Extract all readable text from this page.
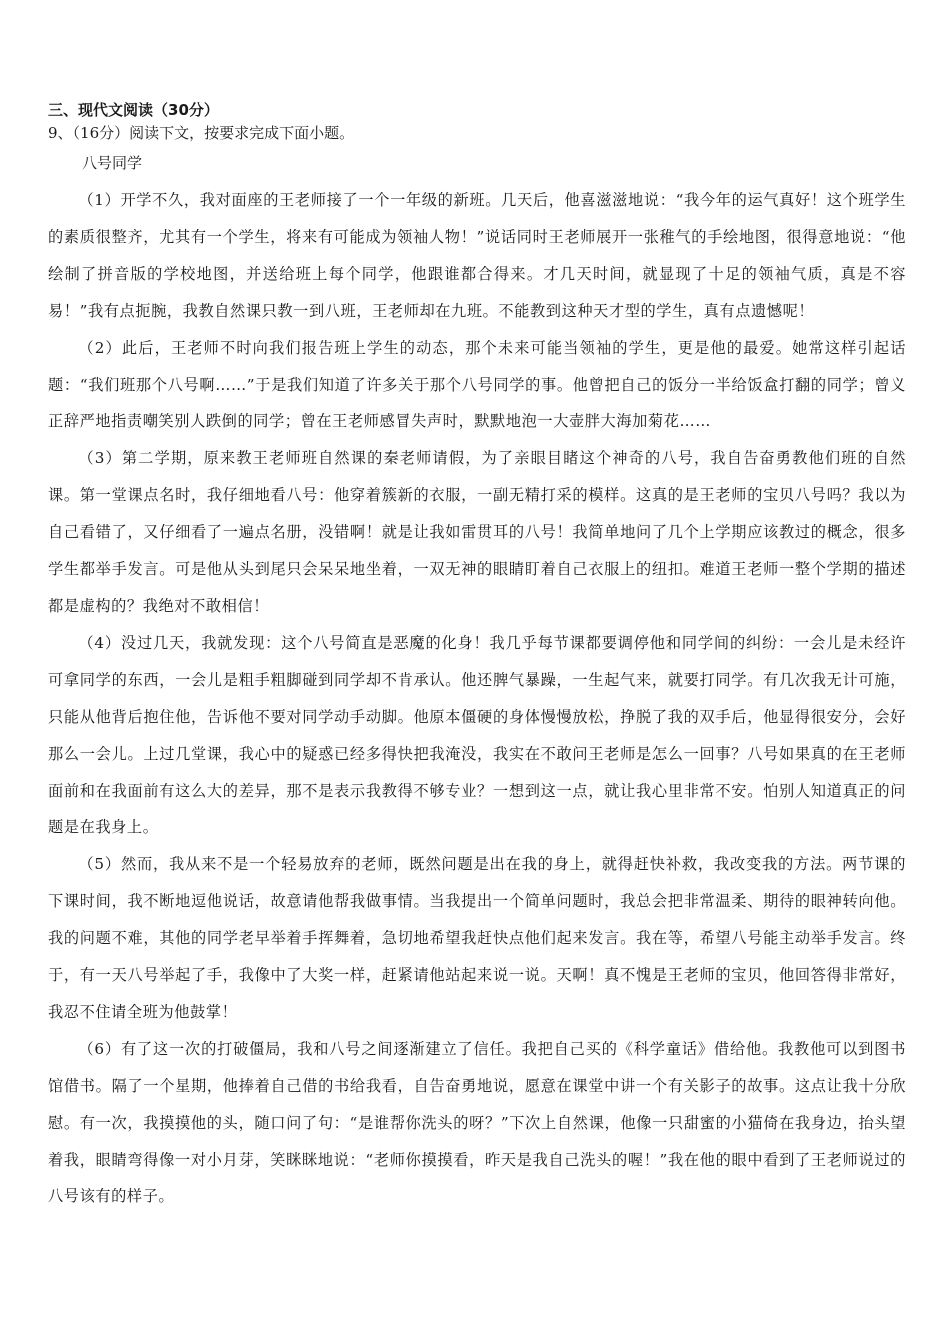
三、现代文阅读（30分）

9、（16分）阅读下文，按要求完成下面小题。

八号同学

（1）开学不久，我对面座的王老师接了一个一年级的新班。几天后，他喜滋滋地说：“我今年的运气真好！这个班学生的素质很整齐，尤其有一个学生，将来有可能成为领袖人物！”说话同时王老师展开一张稚气的手绘地图，很得意地说：“他绘制了拼音版的学校地图，并送给班上每个同学，他跟谁都合得来。才几天时间，就显现了十足的领袖气质，真是不容易！”我有点扼腕，我教自然课只教一到八班，王老师却在九班。不能教到这种天才型的学生，真有点遗憾呢！

（2）此后，王老师不时向我们报告班上学生的动态，那个未来可能当领袖的学生，更是他的最爱。她常这样引起话题：“我们班那个八号啊……”于是我们知道了许多关于那个八号同学的事。他曾把自己的饭分一半给饭盒打翻的同学；曾义正辞严地指责嘲笑别人跌倒的同学；曾在王老师感冒失声时，默默地泡一大壶胖大海加菊花……

（3）第二学期，原来教王老师班自然课的秦老师请假，为了亲眼目睹这个神奇的八号，我自告奋勇教他们班的自然课。第一堂课点名时，我仔细地看八号：他穿着簇新的衣服，一副无精打采的模样。这真的是王老师的宝贝八号吗？我以为自己看错了，又仔细看了一遍点名册，没错啊！就是让我如雷贯耳的八号！我简单地问了几个上学期应该教过的概念，很多学生都举手发言。可是他从头到尾只会呆呆地坐着，一双无神的眼睛盯着自己衣服上的纽扣。难道王老师一整个学期的描述都是虚构的？我绝对不敢相信！

（4）没过几天，我就发现：这个八号简直是恶魔的化身！我几乎每节课都要调停他和同学间的纠纷：一会儿是未经许可拿同学的东西，一会儿是粗手粗脚碰到同学却不肯承认。他还脾气暴躁，一生起气来，就要打同学。有几次我无计可施，只能从他背后抱住他，告诉他不要对同学动手动脚。他原本僵硬的身体慢慢放松，挣脱了我的双手后，他显得很安分，会好那么一会儿。上过几堂课，我心中的疑惑已经多得快把我淹没，我实在不敢问王老师是怎么一回事？八号如果真的在王老师面前和在我面前有这么大的差异，那不是表示我教得不够专业？一想到这一点，就让我心里非常不安。怕别人知道真正的问题是在我身上。

（5）然而，我从来不是一个轻易放弃的老师，既然问题是出在我的身上，就得赶快补救，我改变我的方法。两节课的下课时间，我不断地逗他说话，故意请他帮我做事情。当我提出一个简单问题时，我总会把非常温柔、期待的眼神转向他。我的问题不难，其他的同学老早举着手挥舞着，急切地希望我赶快点他们起来发言。我在等，希望八号能主动举手发言。终于，有一天八号举起了手，我像中了大奖一样，赶紧请他站起来说一说。天啊！真不愧是王老师的宝贝，他回答得非常好，我忍不住请全班为他鼓掌！

（6）有了这一次的打破僵局，我和八号之间逐渐建立了信任。我把自己买的《科学童话》借给他。我教他可以到图书馆借书。隔了一个星期，他捧着自己借的书给我看，自告奋勇地说，愿意在课堂中讲一个有关影子的故事。这点让我十分欣慰。有一次，我摸摸他的头，随口问了句：“是谁帮你洗头的呀？”下次上自然课，他像一只甜蜜的小猫倚在我身边，抬头望着我，眼睛弯得像一对小月芽，笑眯眯地说：“老师你摸摸看，昨天是我自己洗头的喔！”我在他的眼中看到了王老师说过的八号该有的样子。
